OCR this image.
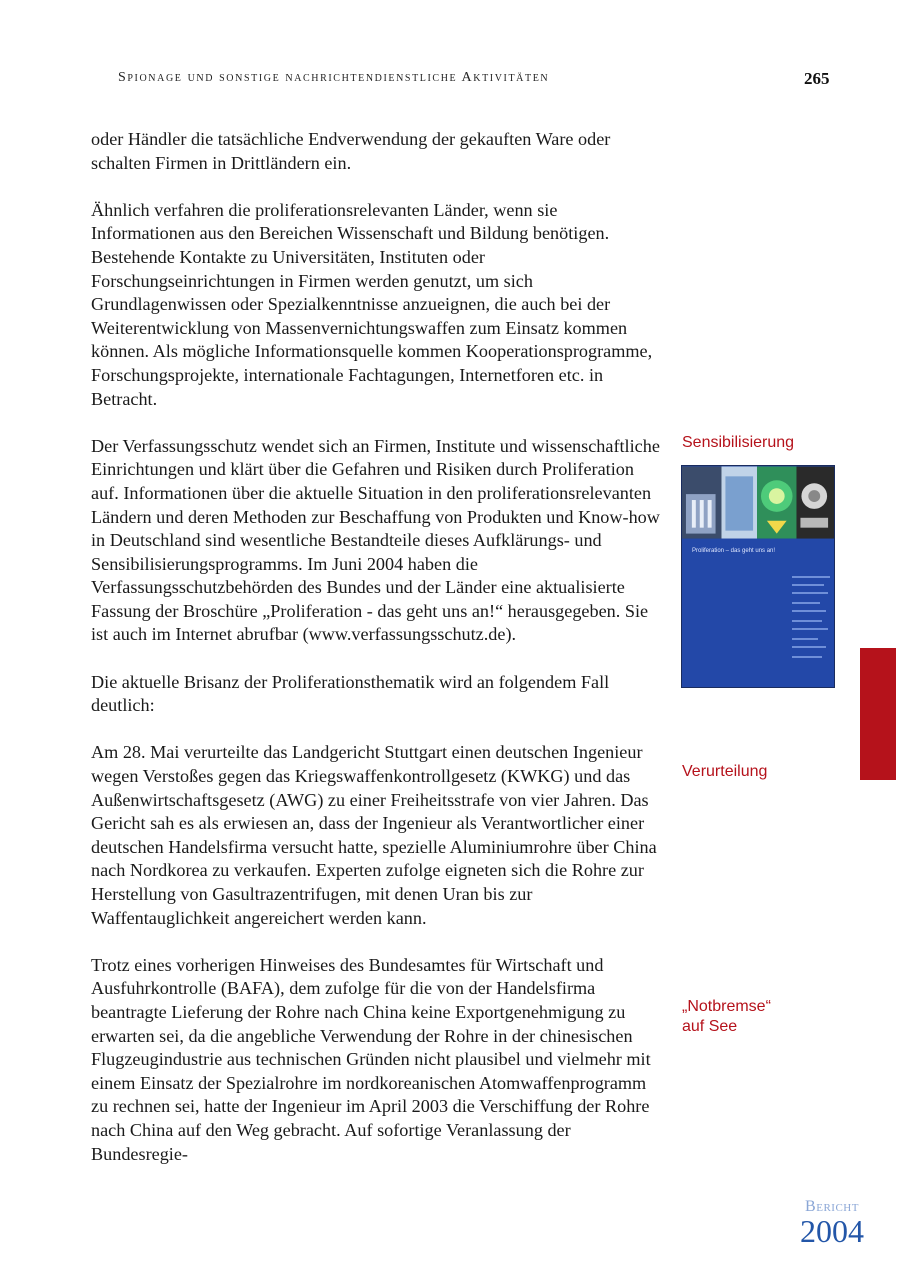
Spionage und sonstige nachrichtendienstliche Aktivitäten	265

oder Händler die tatsächliche Endverwendung der gekauften Ware oder schalten Firmen in Drittländern ein.

Ähnlich verfahren die proliferationsrelevanten Länder, wenn sie Informationen aus den Bereichen Wissenschaft und Bildung benötigen. Bestehende Kontakte zu Universitäten, Instituten oder Forschungseinrichtungen in Firmen werden genutzt, um sich Grundlagenwissen oder Spezialkenntnisse anzueignen, die auch bei der Weiterentwicklung von Massenvernichtungswaffen zum Einsatz kommen können. Als mögliche Informationsquelle kommen Kooperationsprogramme, Forschungsprojekte, internationale Fachtagungen, Internetforen etc. in Betracht.

Der Verfassungsschutz wendet sich an Firmen, Institute und wissenschaftliche Einrichtungen und klärt über die Gefahren und Risiken durch Proliferation auf. Informationen über die aktuelle Situation in den proliferationsrelevanten Ländern und deren Methoden zur Beschaffung von Produkten und Know-how in Deutschland sind wesentliche Bestandteile dieses Aufklärungs- und Sensibilisierungsprogramms. Im Juni 2004 haben die Verfassungsschutzbehörden des Bundes und der Länder eine aktualisierte Fassung der Broschüre „Proliferation - das geht uns an!“ herausgegeben. Sie ist auch im Internet abrufbar (www.verfassungsschutz.de).

Die aktuelle Brisanz der Proliferationsthematik wird an folgendem Fall deutlich:

Am 28. Mai verurteilte das Landgericht Stuttgart einen deutschen Ingenieur wegen Verstoßes gegen das Kriegswaffenkontrollgesetz (KWKG) und das Außenwirtschaftsgesetz (AWG) zu einer Freiheitsstrafe von vier Jahren. Das Gericht sah es als erwiesen an, dass der Ingenieur als Verantwortlicher einer deutschen Handelsfirma versucht hatte, spezielle Aluminiumrohre über China nach Nordkorea zu verkaufen. Experten zufolge eigneten sich die Rohre zur Herstellung von Gasultrazentrifugen, mit denen Uran bis zur Waffentauglichkeit angereichert werden kann.

Trotz eines vorherigen Hinweises des Bundesamtes für Wirtschaft und Ausfuhrkontrolle (BAFA), dem zufolge für die von der Handelsfirma beantragte Lieferung der Rohre nach China keine Exportgenehmigung zu erwarten sei, da die angebliche Verwendung der Rohre in der chinesischen Flugzeugindustrie aus technischen Gründen nicht plausibel und vielmehr mit einem Einsatz der Spezialrohre im nordkoreanischen Atomwaffenprogramm zu rechnen sei, hatte der Ingenieur im April 2003 die Verschiffung der Rohre nach China auf den Weg gebracht. Auf sofortige Veranlassung der Bundesregie-

Sensibilisierung
Proliferation – das geht uns an!
Verurteilung
„Notbremse“
auf See
Bericht
2004
